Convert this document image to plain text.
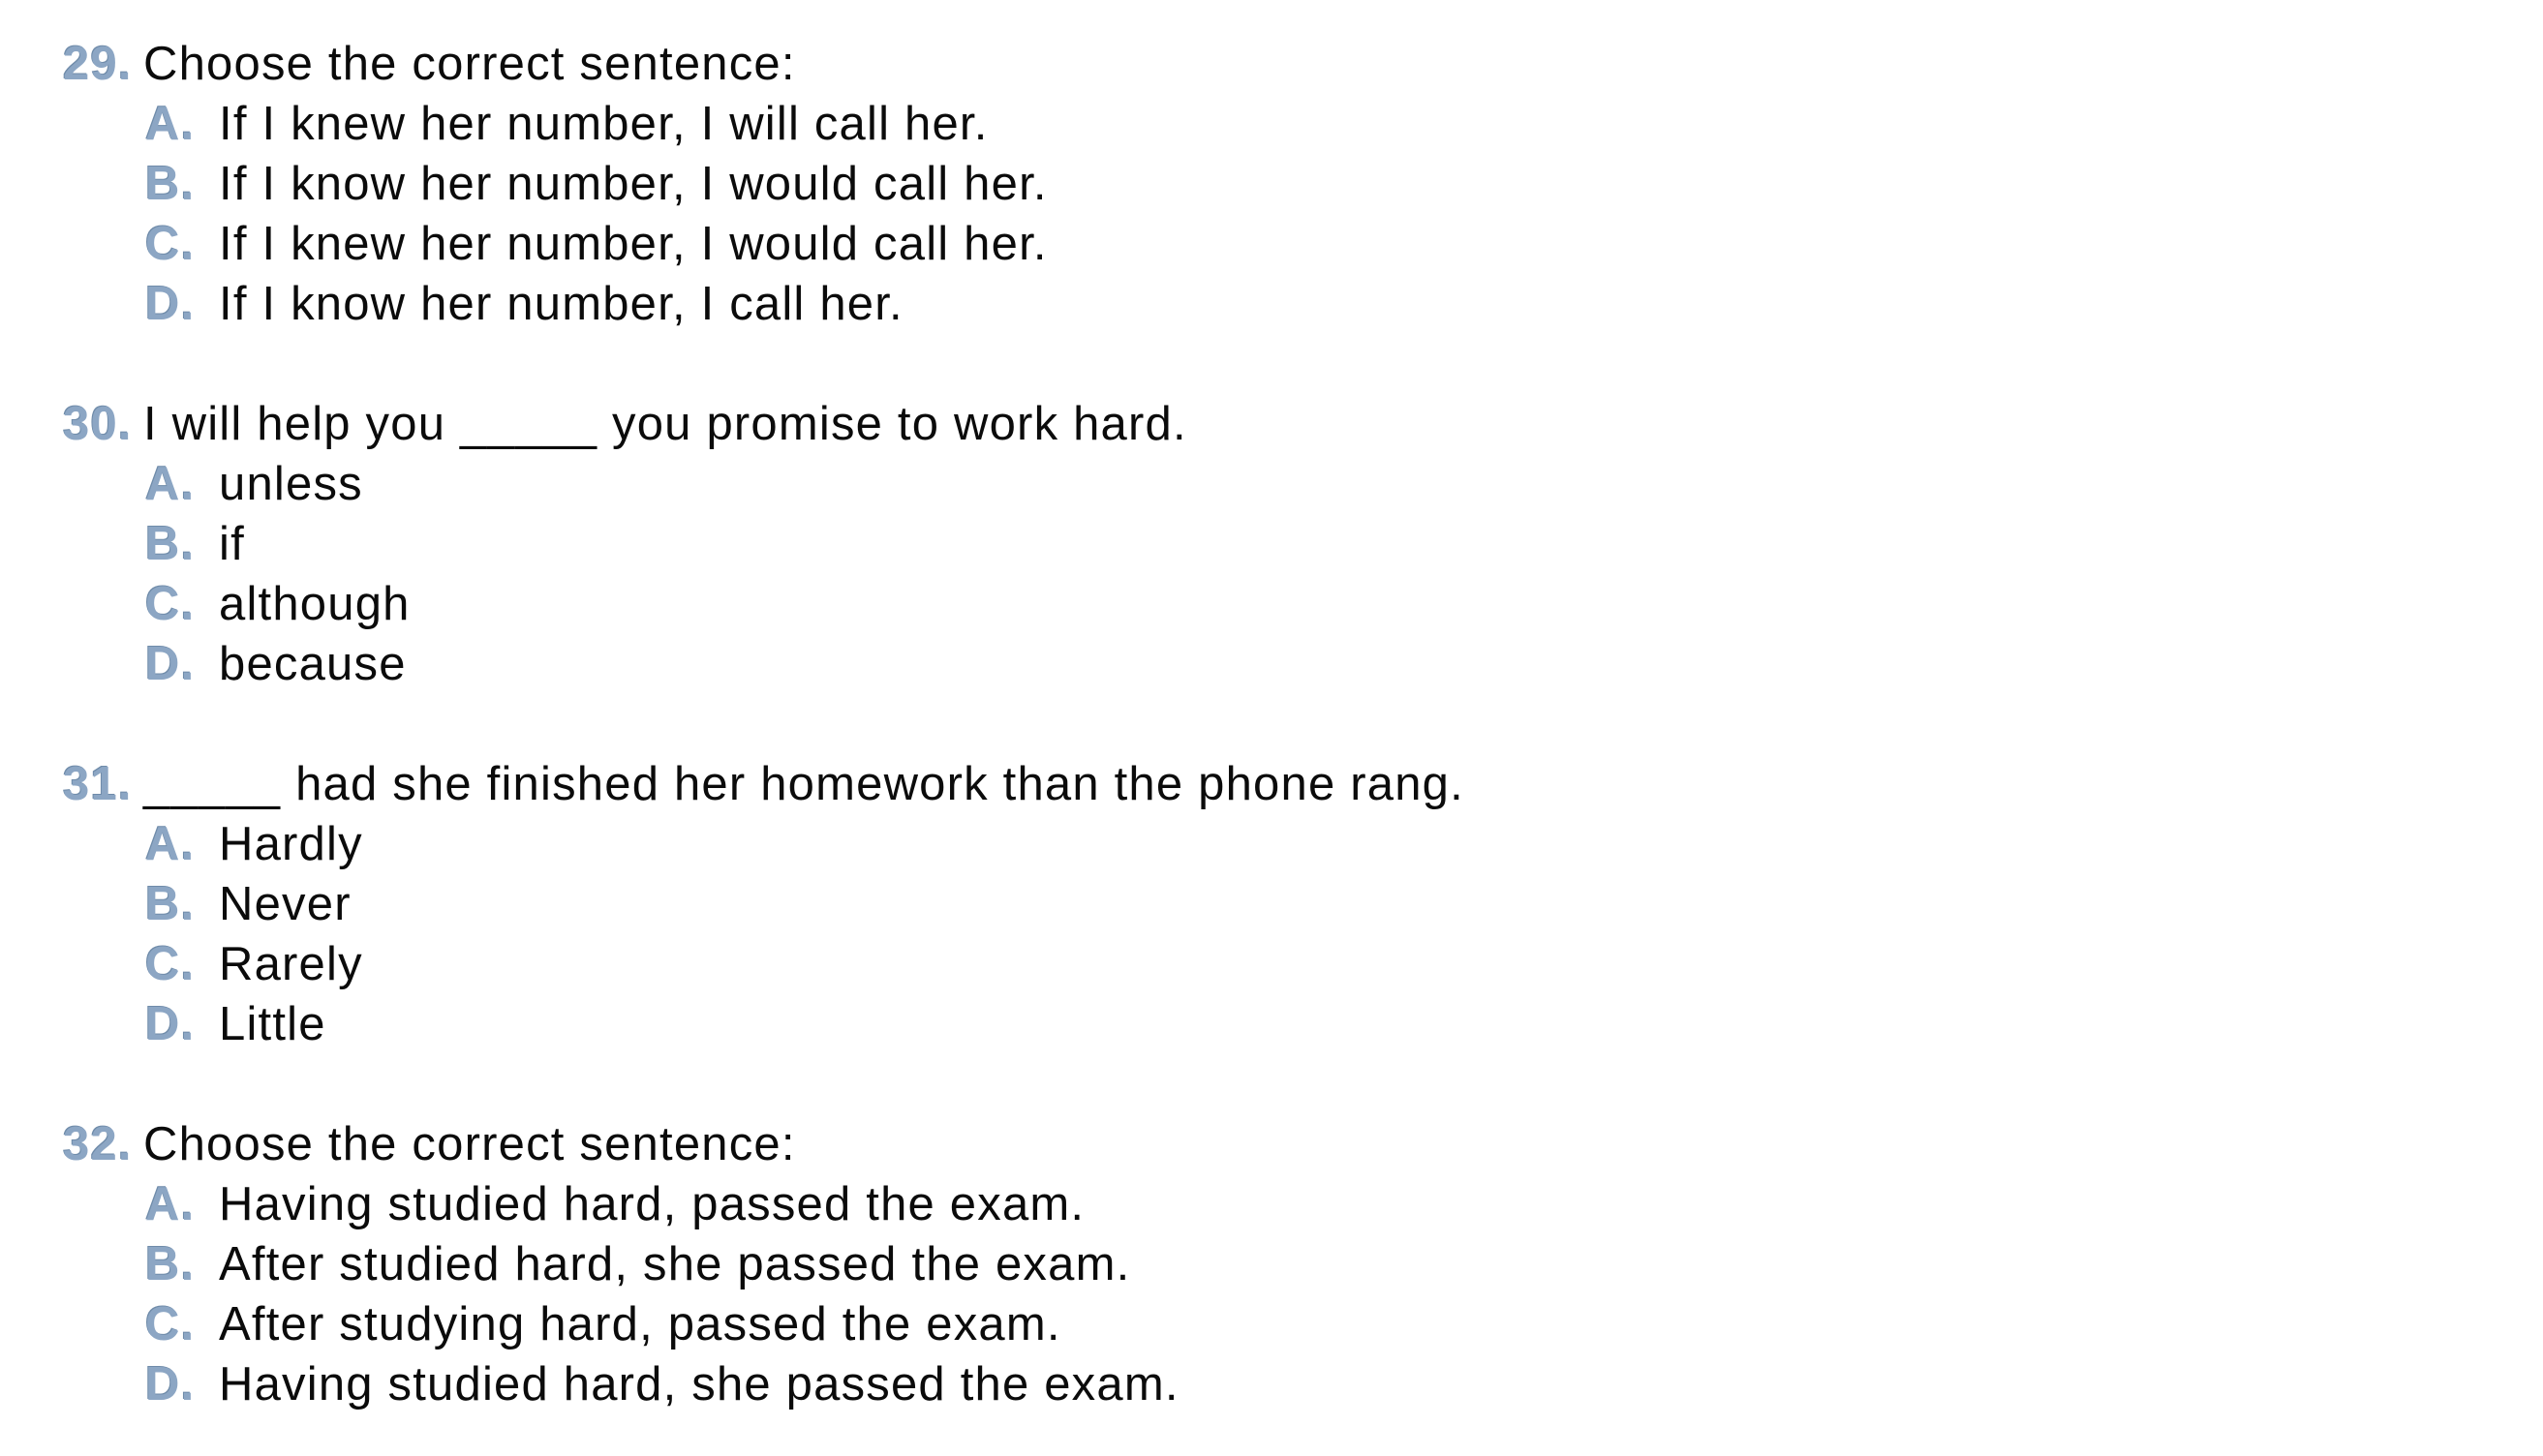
29. Choose the correct sentence:
A. If I knew her number, I will call her.
B. If I know her number, I would call her.
C. If I knew her number, I would call her.
D. If I know her number, I call her.
30. I will help you _____ you promise to work hard.
A. unless
B. if
C. although
D. because
31. _____ had she finished her homework than the phone rang.
A. Hardly
B. Never
C. Rarely
D. Little
32. Choose the correct sentence:
A. Having studied hard, passed the exam.
B. After studied hard, she passed the exam.
C. After studying hard, passed the exam.
D. Having studied hard, she passed the exam.
